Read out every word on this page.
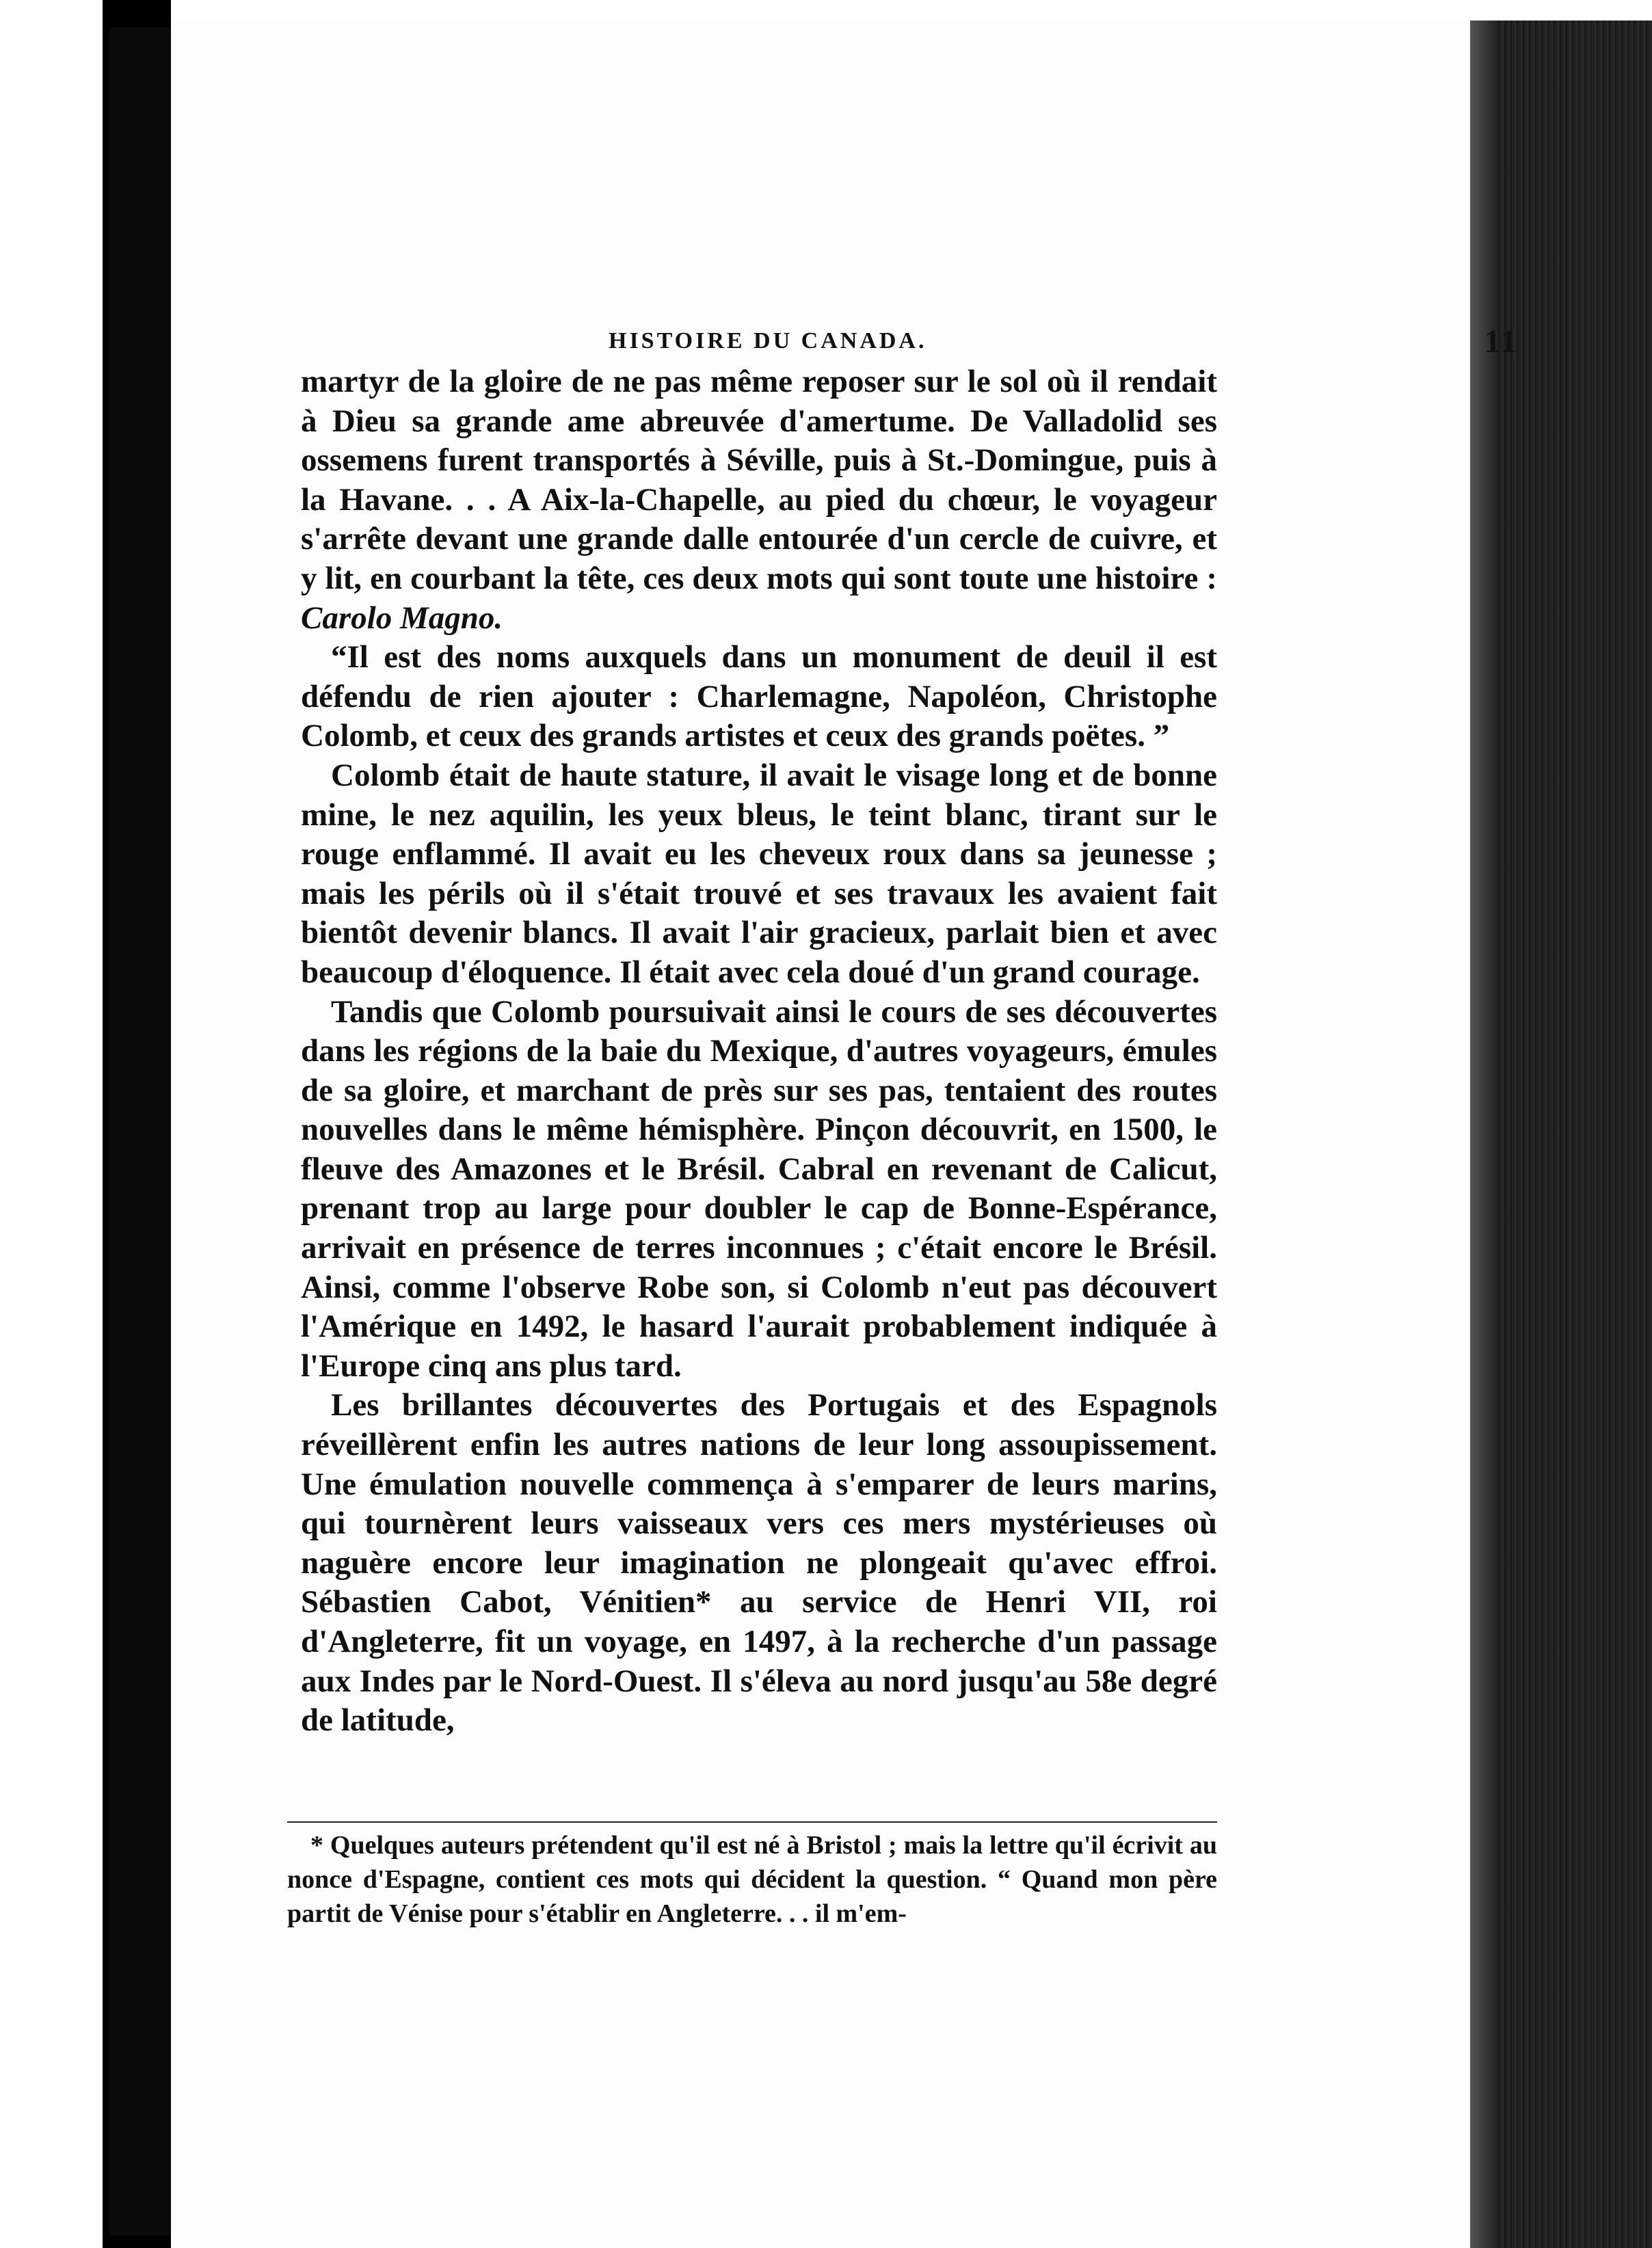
HISTOIRE DU CANADA.	11

martyr de la gloire de ne pas même reposer sur le sol où il rendait à Dieu sa grande ame abreuvée d'amertume. De Valladolid ses ossemens furent transportés à Séville, puis à St.-Domingue, puis à la Havane. . . A Aix-la-Chapelle, au pied du chœur, le voyageur s'arrête devant une grande dalle entourée d'un cercle de cuivre, et y lit, en courbant la tête, ces deux mots qui sont toute une histoire : Carolo Magno.

“Il est des noms auxquels dans un monument de deuil il est défendu de rien ajouter : Charlemagne, Napoléon, Christophe Colomb, et ceux des grands artistes et ceux des grands poëtes. ”

Colomb était de haute stature, il avait le visage long et de bonne mine, le nez aquilin, les yeux bleus, le teint blanc, tirant sur le rouge enflammé. Il avait eu les cheveux roux dans sa jeunesse ; mais les périls où il s'était trouvé et ses travaux les avaient fait bientôt devenir blancs. Il avait l'air gracieux, parlait bien et avec beaucoup d'éloquence. Il était avec cela doué d'un grand courage.

Tandis que Colomb poursuivait ainsi le cours de ses découvertes dans les régions de la baie du Mexique, d'autres voyageurs, émules de sa gloire, et marchant de près sur ses pas, tentaient des routes nouvelles dans le même hémisphère. Pinçon découvrit, en 1500, le fleuve des Amazones et le Brésil. Cabral en revenant de Calicut, prenant trop au large pour doubler le cap de Bonne-Espérance, arrivait en présence de terres inconnues ; c'était encore le Brésil. Ainsi, comme l'observe Robe son, si Colomb n'eut pas découvert l'Amérique en 1492, le hasard l'aurait probablement indiquée à l'Europe cinq ans plus tard.

Les brillantes découvertes des Portugais et des Espagnols réveillèrent enfin les autres nations de leur long assoupissement. Une émulation nouvelle commença à s'emparer de leurs marins, qui tournèrent leurs vaisseaux vers ces mers mystérieuses où naguère encore leur imagination ne plongeait qu'avec effroi. Sébastien Cabot, Vénitien* au service de Henri VII, roi d'Angleterre, fit un voyage, en 1497, à la recherche d'un passage aux Indes par le Nord-Ouest. Il s'éleva au nord jusqu'au 58e degré de latitude,

* Quelques auteurs prétendent qu'il est né à Bristol ; mais la lettre qu'il écrivit au nonce d'Espagne, contient ces mots qui décident la question. “ Quand mon père partit de Vénise pour s'établir en Angleterre. . . il m'em-
